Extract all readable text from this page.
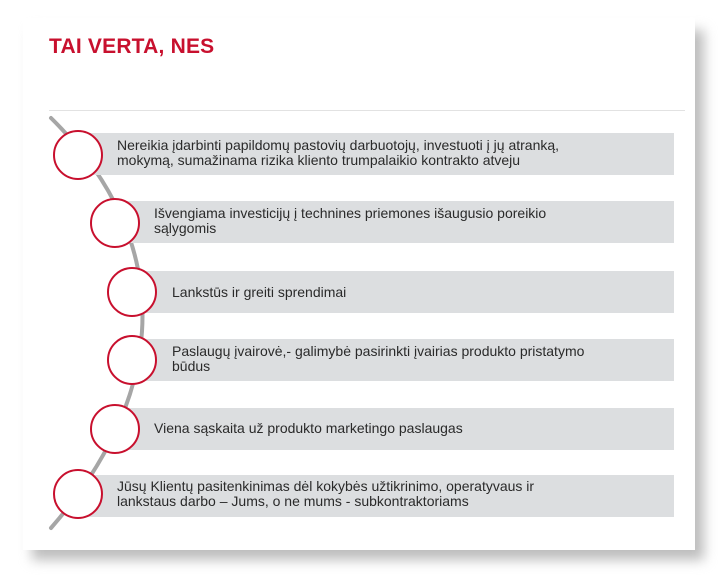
TAI VERTA, NES
Nereikia įdarbinti papildomų pastovių darbuotojų, investuoti į jų atranką,
mokymą, sumažinama rizika kliento trumpalaikio kontrakto atveju
Išvengiama investicijų į technines priemones išaugusio poreikio
sąlygomis
Lankstūs ir greiti sprendimai
Paslaugų įvairovė,- galimybė pasirinkti įvairias produkto pristatymo
būdus
Viena sąskaita už produkto marketingo paslaugas
Jūsų Klientų pasitenkinimas dėl kokybės užtikrinimo, operatyvaus ir
lankstaus darbo – Jums, o ne mums - subkontraktoriams
